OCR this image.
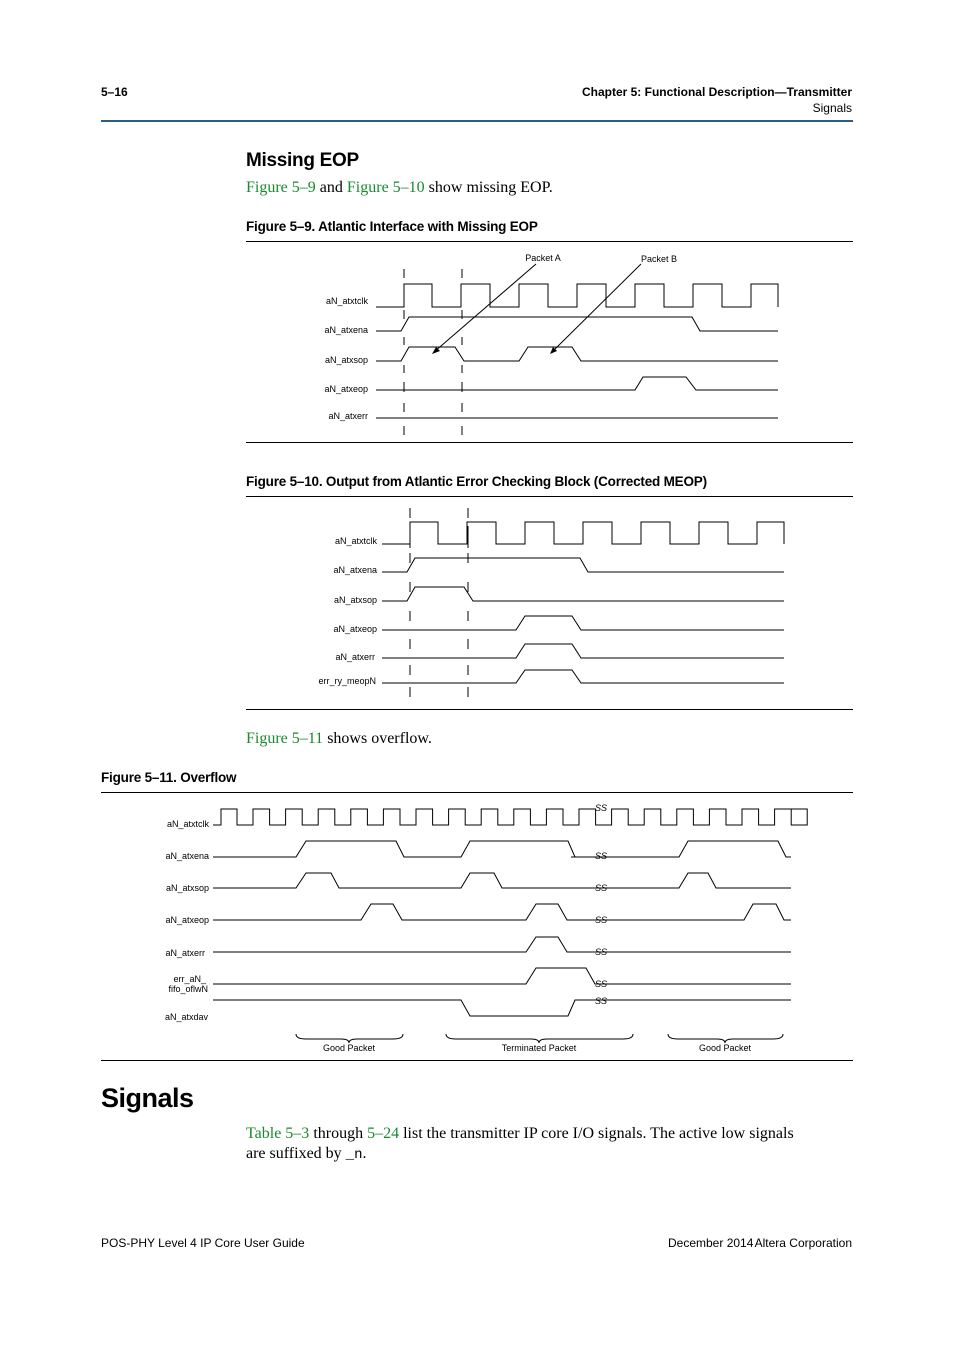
5–16	Chapter 5: Functional Description—Transmitter
Signals
Missing EOP
Figure 5–9 and Figure 5–10 show missing EOP.
Figure 5–9. Atlantic Interface with Missing EOP
aN_atxtclk
aN_atxena
aN_atxsop
aN_atxeop
aN_atxerr
Packet A	Packet B
Figure 5–10. Output from Atlantic Error Checking Block (Corrected MEOP)
aN_atxtclk
aN_atxena
aN_atxsop
aN_atxeop
aN_atxerr
err_ry_meopN
Figure 5–11 shows overflow.
Figure 5–11. Overflow
aN_atxtclk
aN_atxena
aN_atxsop
aN_atxeop
aN_atxerr
err_aN_
fifo_oflwN
aN_atxdav
SS
SS
SS
SS
SS
SS
SS
Good Packet	Terminated Packet	Good Packet
Signals
Table 5–3 through 5–24 list the transmitter IP core I/O signals. The active low signals
are suffixed by _n.
POS-PHY Level 4 IP Core User Guide	December 2014 Altera Corporation
